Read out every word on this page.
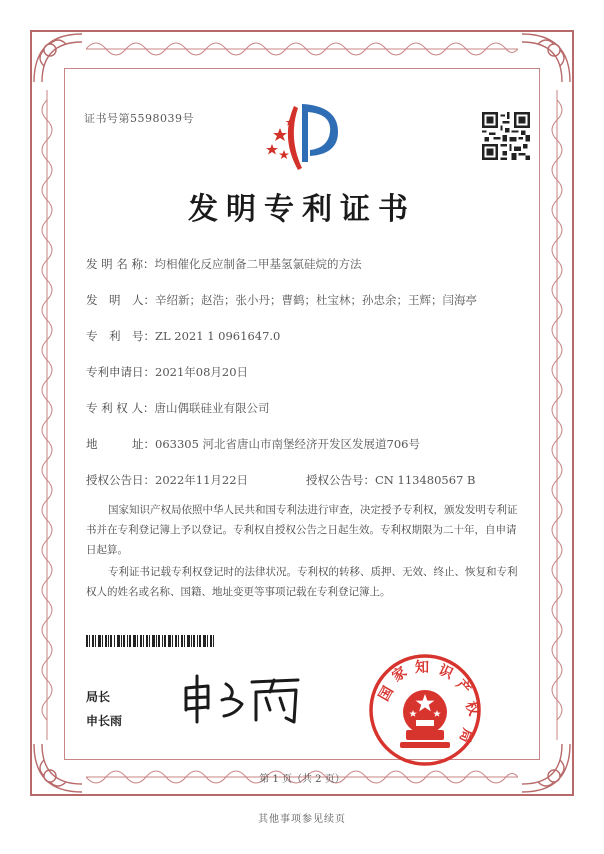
证书号第5598039号
发明专利证书
发 明 名 称：均相催化反应制备二甲基氢氯硅烷的方法
发　明　人：辛绍新；赵浩；张小丹；曹鹤；杜宝林；孙忠余；王辉；闫海亭
专　利　号：ZL 2021 1 0961647.0
专利申请日：2021年08月20日
专 利 权 人：唐山偶联硅业有限公司
地　　　址：063305 河北省唐山市南堡经济开发区发展道706号
授权公告日：2022年11月22日	授权公告号：CN 113480567 B
国家知识产权局依照中华人民共和国专利法进行审查，决定授予专利权，颁发发明专利证书并在专利登记簿上予以登记。专利权自授权公告之日起生效。专利权期限为二十年，自申请日起算。
专利证书记载专利权登记时的法律状况。专利权的转移、质押、无效、终止、恢复和专利权人的姓名或名称、国籍、地址变更等事项记载在专利登记簿上。
局长
申长雨
国
家 知 识
产
权
局
第 1 页（共 2 页）
其他事项参见续页
